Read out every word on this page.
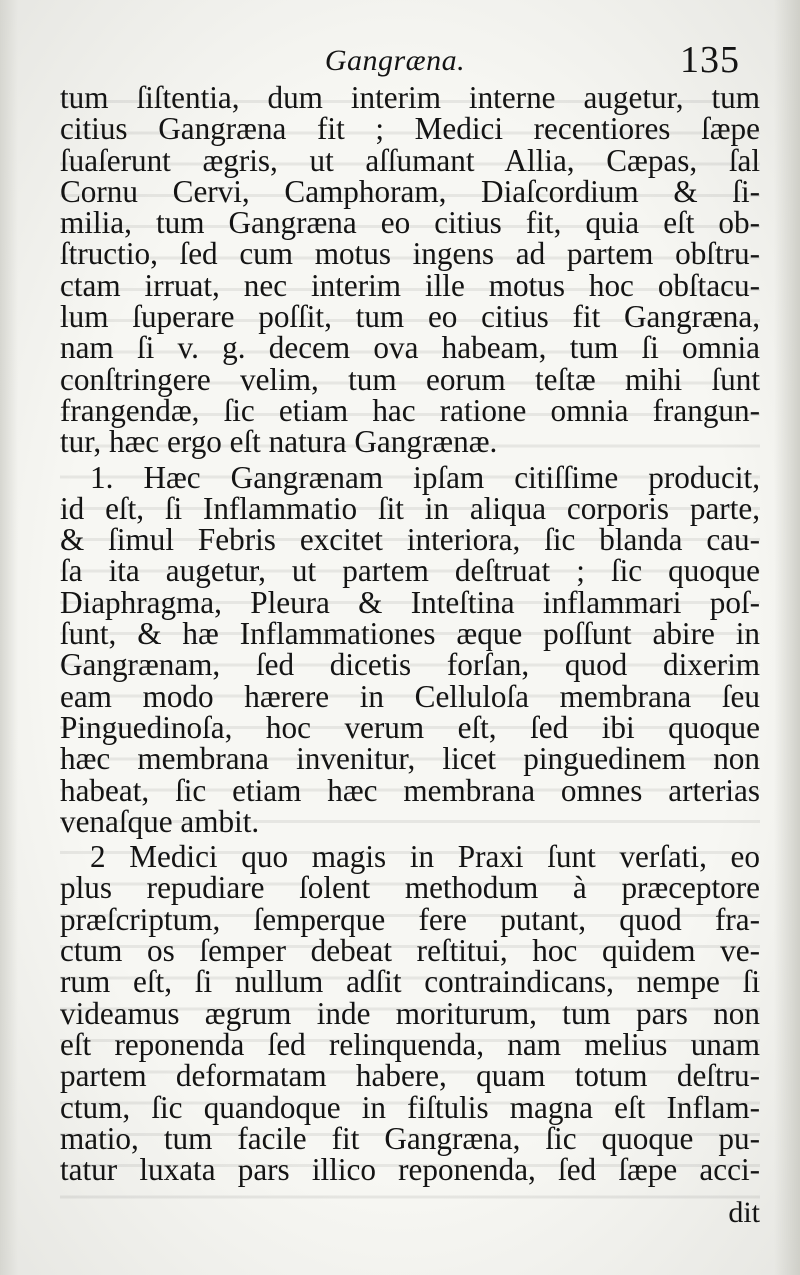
Gangræna.	135
tum ſiſtentia, dum interim interne augetur, tum
citius Gangræna fit ; Medici recentiores ſæpe
ſuaſerunt ægris, ut aſſumant Allia, Cæpas, ſal
Cornu Cervi, Camphoram, Diaſcordium & ſi-
milia, tum Gangræna eo citius fit, quia eſt ob-
ſtructio, ſed cum motus ingens ad partem obſtru-
ctam irruat, nec interim ille motus hoc obſtacu-
lum ſuperare poſſit, tum eo citius fit Gangræna,
nam ſi v. g. decem ova habeam, tum ſi omnia
conſtringere velim, tum eorum teſtæ mihi ſunt
frangendæ, ſic etiam hac ratione omnia frangun-
tur, hæc ergo eſt natura Gangrænæ.
1. Hæc Gangrænam ipſam citiſſime producit,
id eſt, ſi Inflammatio ſit in aliqua corporis parte,
& ſimul Febris excitet interiora, ſic blanda cau-
ſa ita augetur, ut partem deſtruat ; ſic quoque
Diaphragma, Pleura & Inteſtina inflammari poſ-
ſunt, & hæ Inflammationes æque poſſunt abire in
Gangrænam, ſed dicetis forſan, quod dixerim
eam modo hærere in Celluloſa membrana ſeu
Pinguedinoſa, hoc verum eſt, ſed ibi quoque
hæc membrana invenitur, licet pinguedinem non
habeat, ſic etiam hæc membrana omnes arterias
venaſque ambit.
2 Medici quo magis in Praxi ſunt verſati, eo
plus repudiare ſolent methodum à præceptore
præſcriptum, ſemperque fere putant, quod fra-
ctum os ſemper debeat reſtitui, hoc quidem ve-
rum eſt, ſi nullum adſit contraindicans, nempe ſi
videamus ægrum inde moriturum, tum pars non
eſt reponenda ſed relinquenda, nam melius unam
partem deformatam habere, quam totum deſtru-
ctum, ſic quandoque in fiſtulis magna eſt Inflam-
matio, tum facile fit Gangræna, ſic quoque pu-
tatur luxata pars illico reponenda, ſed ſæpe acci-
dit
